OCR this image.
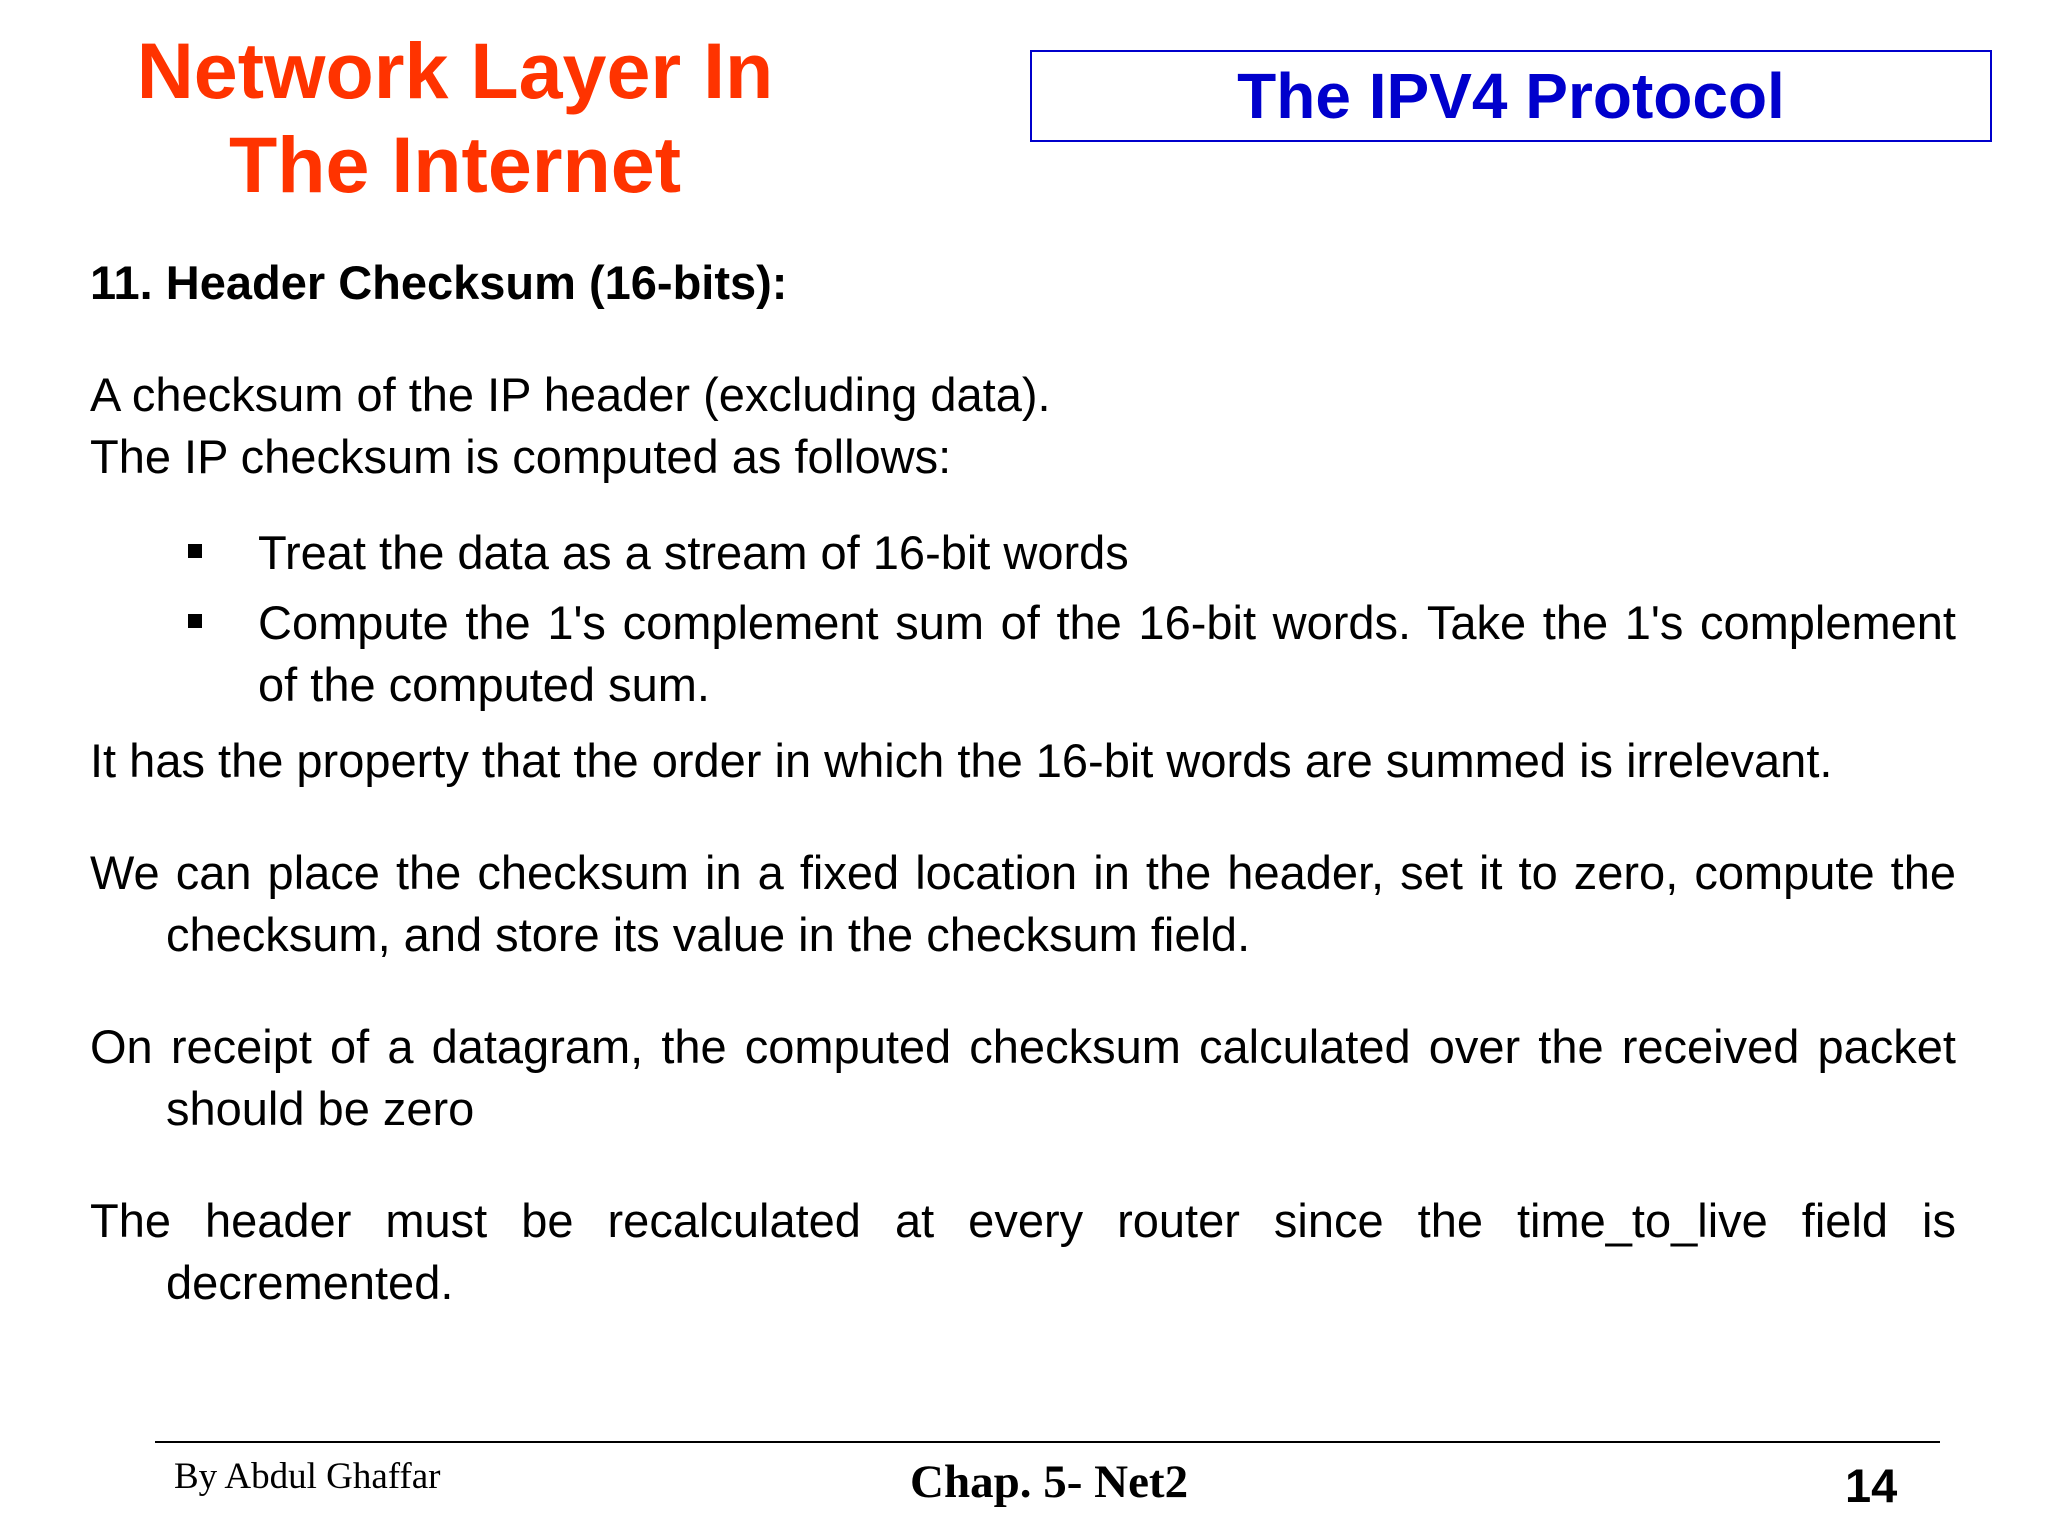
Network Layer In
The Internet
The IPV4 Protocol
11. Header Checksum (16-bits):

A checksum of the IP header (excluding data).

The IP checksum is computed as follows:

Treat the data as a stream of 16-bit words
Compute the 1's complement sum of the 16-bit words. Take the 1's complement of the computed sum.

It has the property that the order in which the 16-bit words are summed is irrelevant.

We can place the checksum in a fixed location in the header, set it to zero, compute the checksum, and store its value in the checksum field.

On receipt of a datagram, the computed checksum calculated over the received packet should be zero

The header must be recalculated at every router since the time_to_live field is decremented.

By Abdul Ghaffar	Chap. 5- Net2	14
